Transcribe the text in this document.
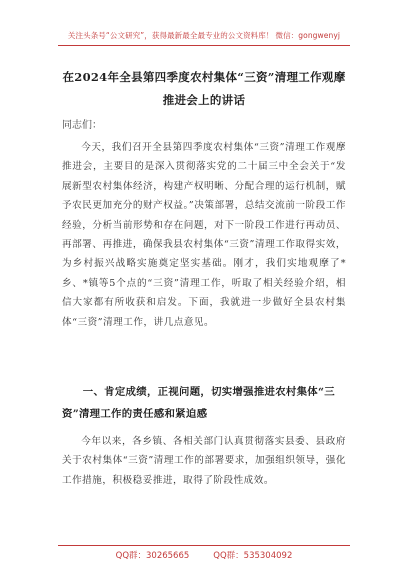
关注头条号“公文研究”，获得最新最全最专业的公文资料库！ 微信：gongwenyj
在2024年全县第四季度农村集体“三资”清理工作观摩推进会上的讲话
同志们：

今天，我们召开全县第四季度农村集体“三资”清理工作观摩推进会，主要目的是深入贯彻落实党的二十届三中全会关于“发展新型农村集体经济，构建产权明晰、分配合理的运行机制，赋予农民更加充分的财产权益。”决策部署，总结交流前一阶段工作经验，分析当前形势和存在问题，对下一阶段工作进行再动员、再部署、再推进，确保我县农村集体“三资”清理工作取得实效，为乡村振兴战略实施奠定坚实基础。刚才，我们实地观摩了*乡、*镇等5个点的“三资”清理工作，听取了相关经验介绍，相信大家都有所收获和启发。下面，我就进一步做好全县农村集体“三资”清理工作，讲几点意见。

一、肯定成绩，正视问题，切实增强推进农村集体“三资”清理工作的责任感和紧迫感

今年以来，各乡镇、各相关部门认真贯彻落实县委、县政府关于农村集体“三资”清理工作的部署要求，加强组织领导，强化工作措施，积极稳妥推进，取得了阶段性成效。

QQ群：30265665	QQ群：535304092
